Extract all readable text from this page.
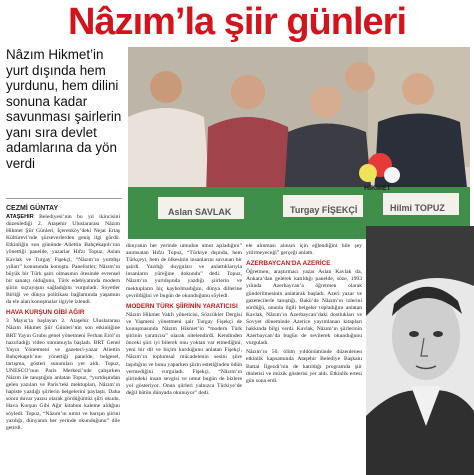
Nâzım’la şiir günleri
Nâzım Hikmet’in yurt dışında hem yurdunu, hem dilini sonuna kadar savunması şairlerin yanı sıra devlet adamlarına da yön verdi
CEZMİ GÜNTAY	Aslan SAVLAK	Turgay FİŞEKÇİ	Hilmi TOPUZ
HİKMET

ATAŞEHİR Belediyesi’nin bu yıl ikincisini düzenlediği 2. Ataşehir Uluslararası Nâzım Hikmet Şiir Günleri, İçerenköy’deki Nejat Ertaş Kültürevi’nde şiirseverlerden geniş ilgi gördü. Etkinliğin son gününde Aliettin Bahçekapılı’nın yönettiği panelde, yazarlar Hıfzı Topuz, Aslan Kavlak ve Turgay Fişekçi, “Nâzım’ın yurtdışı yılları” konusunda konuştu. Panelistler, Nâzım’ın büyük bir Türk şairi olmasının ötesinde evrensel bir sanatçı olduğunu, Türk edebiyatında modern şiirin sıçrayışını sağladığını vurguladı. Soyetler Birliği ve dünya politikası bağlamında yaşamını da ele alan konuşmalar ilgiyle izlendi.

HAVA KURŞUN GİBİ AĞIR

3 Mayıs’ta başlayan 2. Ataşehir Uluslararası Nâzım Hikmet Şiir Günleri’nin son etkinliğine BRT Yayın Grubu genel yönetmeni Ferhan Erol’ın hazırladığı video sunumuyla başladı. BRT Genel Yayın Yönetmeni ve gazeteci-yazar Aliettin Bahçekapılı’nın yönettiği panelde, belgesel, tartışma, gösteri sunumları yer aldı. Topuz, UNESCO’nun Paris Merkezi’nde çalışırken Nâzım ile tanıştığını anlatan Topuz, “yurtdışından gelen yazıları ve Paris’teki mektupları, Nâzım’ın hapiste yazdığı şiirlerin belgelerini paylaştı. Daha sonra duvar yazısı olarak gördüğümüz şiiri okudu. Hava Kurşun Gibi Ağır kitabını kaleme aldığını söyledi. Topuz, “Nâzım’ın umut ve barışın şiirini yazdığı, dünyanın her yerinde okunduğunu” dile getirdi.

dünyanın her yerinde umudun umut aşıladığını” anımsatan Hıfzı Topuz, “Türkiye dışında, hem Türkçeyi, hem de ülkesinin insanlarını savunan bir şairdi. Yazdığı duyguları ve anlattıklarıyla insanların yüreğine dokundu” dedi. Topuz, Nâzım’ın yurtdışında yazdığı şiirlerin ve mektupların hiç kaybolmadığını, dünya dillerine çevrildiğini ve bugün de okunduğunu söyledi.

MODERN TÜRK ŞİİRİNİN YARATICISI

Nâzım Hikmet Vakfı yöneticisi, Sözcükler Dergisi ve Yaşmeni yönetmeni şair Turgay Fişekçi de konuşmasında Nâzım Hikmet’in “modern Türk şiirinin yaratıcısı” olarak nitelendirdi. Kendinden önceki şiiri iyi bilerek onu yoktan var etmediğini, yeni bir dil ve biçim kurduğunu anlatan Fişekçi, Nâzım’ın toplumsal mücadelenin sesini şiire taşıdığını ve bunu yaparken şiirin estetiğinden ödün vermediğini vurguladı. Fişekçi, “Nâzım’ın şiirindeki insan sevgisi ve umut bugün de bizlere yol gösteriyor. Onun şiirleri yalnızca Türkiye’de değil bütün dünyada okunuyor” dedi.

ele alınması alınsın için eğlendiğini bile şey yitirmeyeceği” gerçeği anlattı.

AZERBAYCAN’DA AZERİCE

Öğretmen, araştırmacı yazar Aslan Kavlak da, Ankara’dan gelerek katıldığı panelde, söze, 1993 yılında Azerbaycan’a öğretmen olarak gönderilmesinin anlatarak başladı. Azeri yazar ve gazetecilerle tanıştığı, Bakü’de Nâzım’ın izlerini sürdüğü, onunla ilgili belgeler topladığını anlatan Kavlak, Nâzım’ın Azerbaycan’daki dostlukları ve Sovyet döneminde Azerice yayımlanan kitapları hakkında bilgi verdi. Kavlak, Nâzım’ın şiirlerinin Azerbaycan’da bugün de sevilerek okunduğunu vurguladı.

Nâzım’ın 50. ölüm yıldönümünde düzenlenen etkinlik kapsamında Ataşehir Belediye Başkanı Battal İlgezdi’nin de katıldığı programda şiir dinletisi ve müzik gösterisi yer aldı. Etkinlik ertesi gün sona erdi.
